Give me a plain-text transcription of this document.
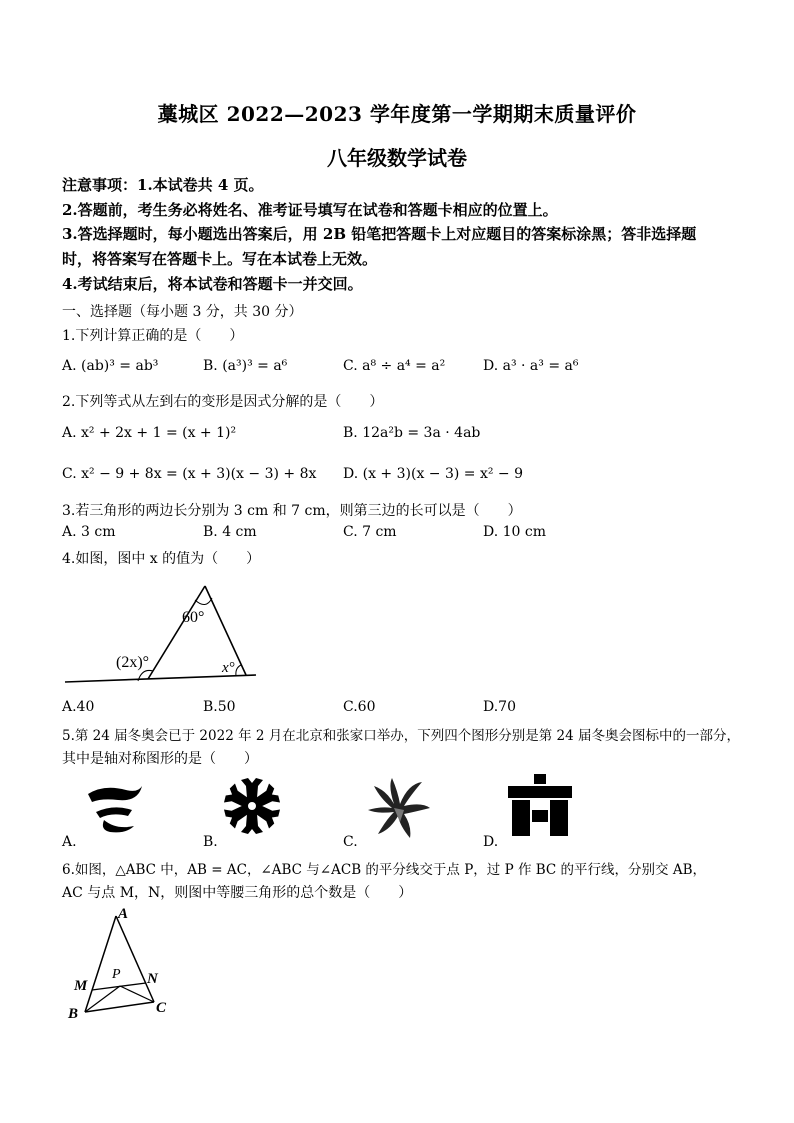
藁城区 2022—2023 学年度第一学期期末质量评价
八年级数学试卷
注意事项：1.本试卷共 4 页。
2.答题前，考生务必将姓名、准考证号填写在试卷和答题卡相应的位置上。
3.答选择题时，每小题选出答案后，用 2B 铅笔把答题卡上对应题目的答案标涂黑；答非选择题
时，将答案写在答题卡上。写在本试卷上无效。
4.考试结束后，将本试卷和答题卡一并交回。
一、选择题（每小题 3 分，共 30 分）
1.下列计算正确的是（　　）
A. (ab)³ = ab³	B. (a³)³ = a⁶	C. a⁸ ÷ a⁴ = a²	D. a³ · a³ = a⁶
2.下列等式从左到右的变形是因式分解的是（　　）
A. x² + 2x + 1 = (x + 1)²	B. 12a²b = 3a · 4ab
C. x² − 9 + 8x = (x + 3)(x − 3) + 8x D. (x + 3)(x − 3) = x² − 9
3.若三角形的两边长分别为 3 cm 和 7 cm，则第三边的长可以是（　　）
A. 3 cm	B. 4 cm	C. 7 cm	D. 10 cm
4.如图，图中 x 的值为（　　）
60°
(2x)°	x°
A.40	B.50	C.60	D.70
5.第 24 届冬奥会已于 2022 年 2 月在北京和张家口举办，下列四个图形分别是第 24 届冬奥会图标中的一部分，
其中是轴对称图形的是（　　）
A.	B.	C.	D.
6.如图，△ABC 中，AB = AC，∠ABC 与∠ACB 的平分线交于点 P，过 P 作 BC 的平行线，分别交 AB，
AC 与点 M，N，则图中等腰三角形的总个数是（　　）
A
P
M	N
B	C
